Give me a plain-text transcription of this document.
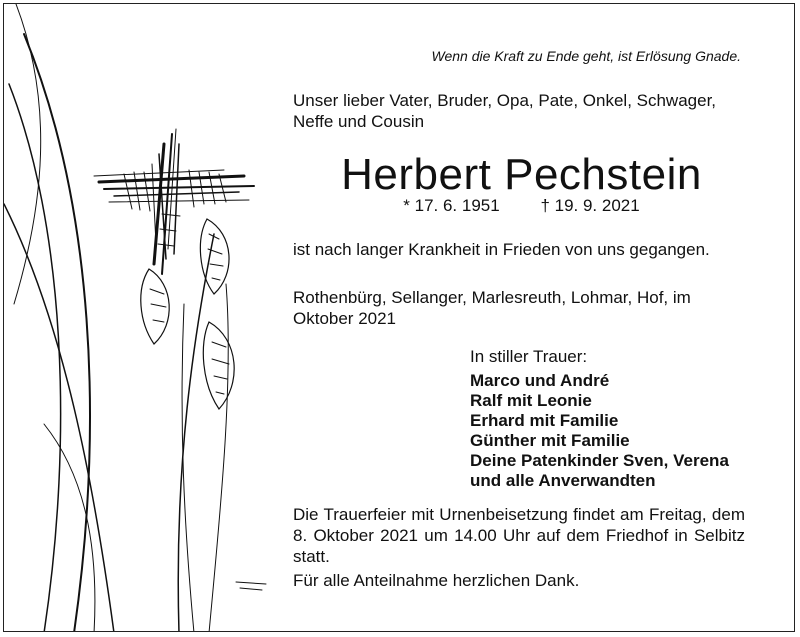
Wenn die Kraft zu Ende geht, ist Erlösung Gnade.
Unser lieber Vater, Bruder, Opa, Pate, Onkel, Schwager, Neffe und Cousin
Herbert Pechstein
* 17. 6. 1951 † 19. 9. 2021
ist nach langer Krankheit in Frieden von uns gegangen.
Rothenbürg, Sellanger, Marlesreuth, Lohmar, Hof, im Oktober 2021
In stiller Trauer:
Marco und André
Ralf mit Leonie
Erhard mit Familie
Günther mit Familie
Deine Patenkinder Sven, Verena
und alle Anverwandten
Die Trauerfeier mit Urnenbeisetzung findet am Freitag, dem 8. Oktober 2021 um 14.00 Uhr auf dem Friedhof in Selbitz statt.
Für alle Anteilnahme herzlichen Dank.
